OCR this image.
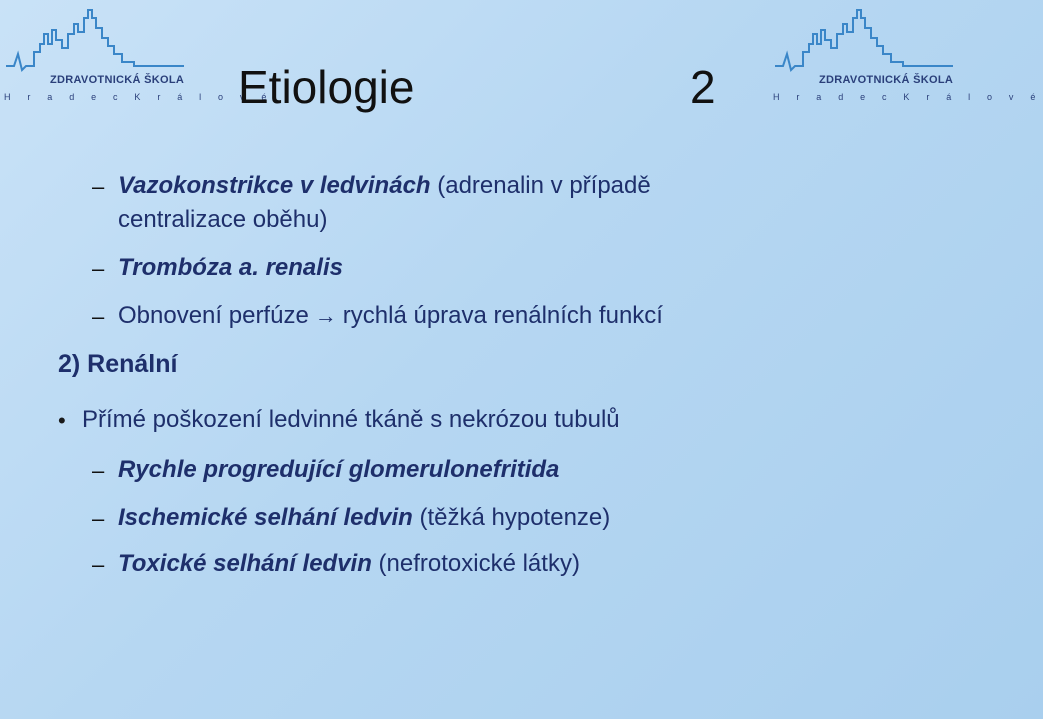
ZDRAVOTNICKÁ ŠKOLA
H r a d e c K r á l o v é
ZDRAVOTNICKÁ ŠKOLA
H r a d e c K r á l o v é
Etiologie	2
– Vazokonstrikce v ledvinách (adrenalin v případě
centralizace oběhu)
– Trombóza a. renalis
– Obnovení perfúze → rychlá úprava renálních funkcí
2) Renální
• Přímé poškození ledvinné tkáně s nekrózou tubulů
– Rychle progredující glomerulonefritida
– Ischemické selhání ledvin (těžká hypotenze)
– Toxické selhání ledvin (nefrotoxické látky)
